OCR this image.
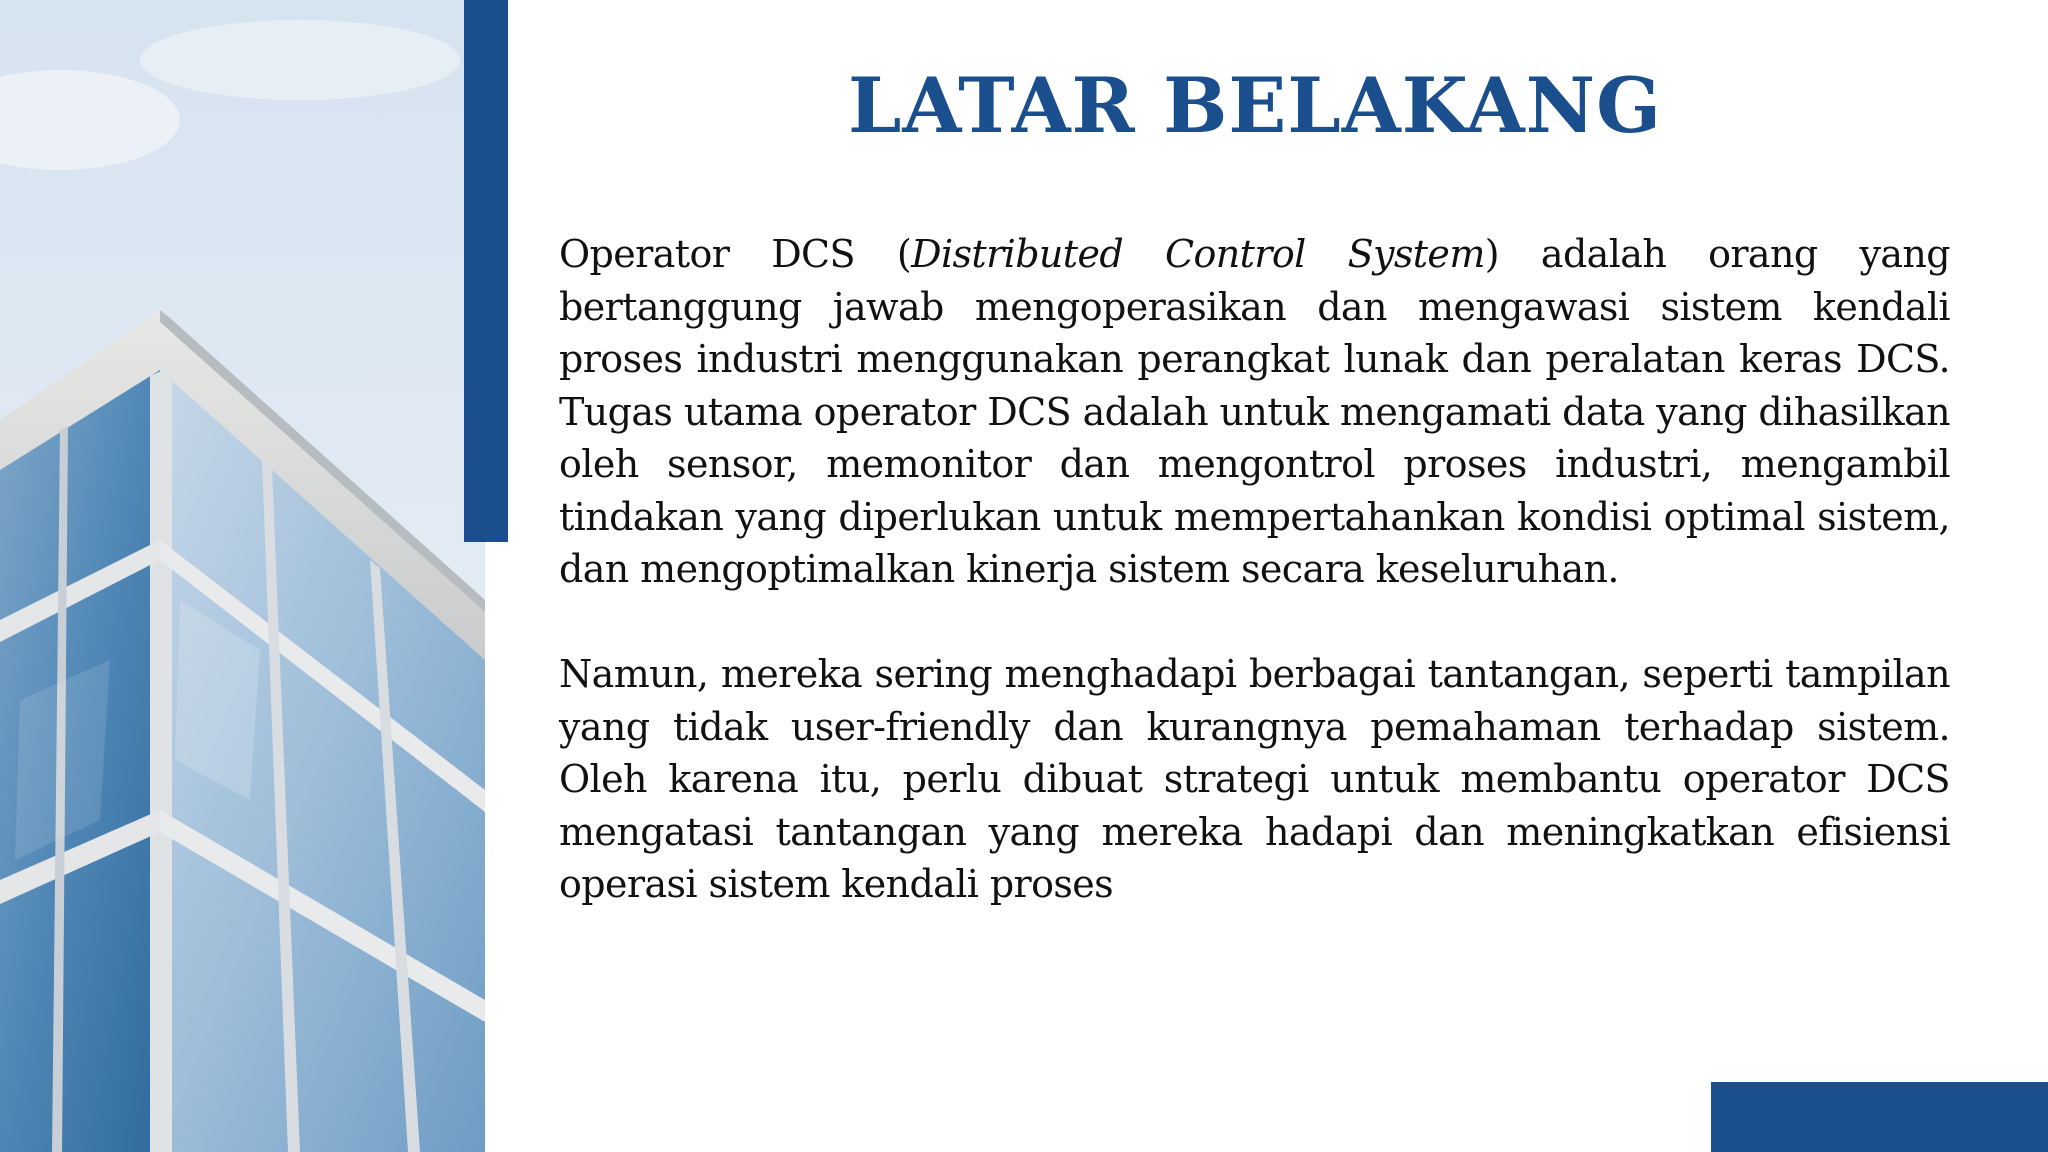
LATAR BELAKANG

Operator DCS (Distributed Control System) adalah orang yang bertanggung jawab mengoperasikan dan mengawasi sistem kendali proses industri menggunakan perangkat lunak dan peralatan keras DCS. Tugas utama operator DCS adalah untuk mengamati data yang dihasilkan oleh sensor, memonitor dan mengontrol proses industri, mengambil tindakan yang diperlukan untuk mempertahankan kondisi optimal sistem, dan mengoptimalkan kinerja sistem secara keseluruhan.

Namun, mereka sering menghadapi berbagai tantangan, seperti tampilan yang tidak user-friendly dan kurangnya pemahaman terhadap sistem. Oleh karena itu, perlu dibuat strategi untuk membantu operator DCS mengatasi tantangan yang mereka hadapi dan meningkatkan efisiensi operasi sistem kendali proses
